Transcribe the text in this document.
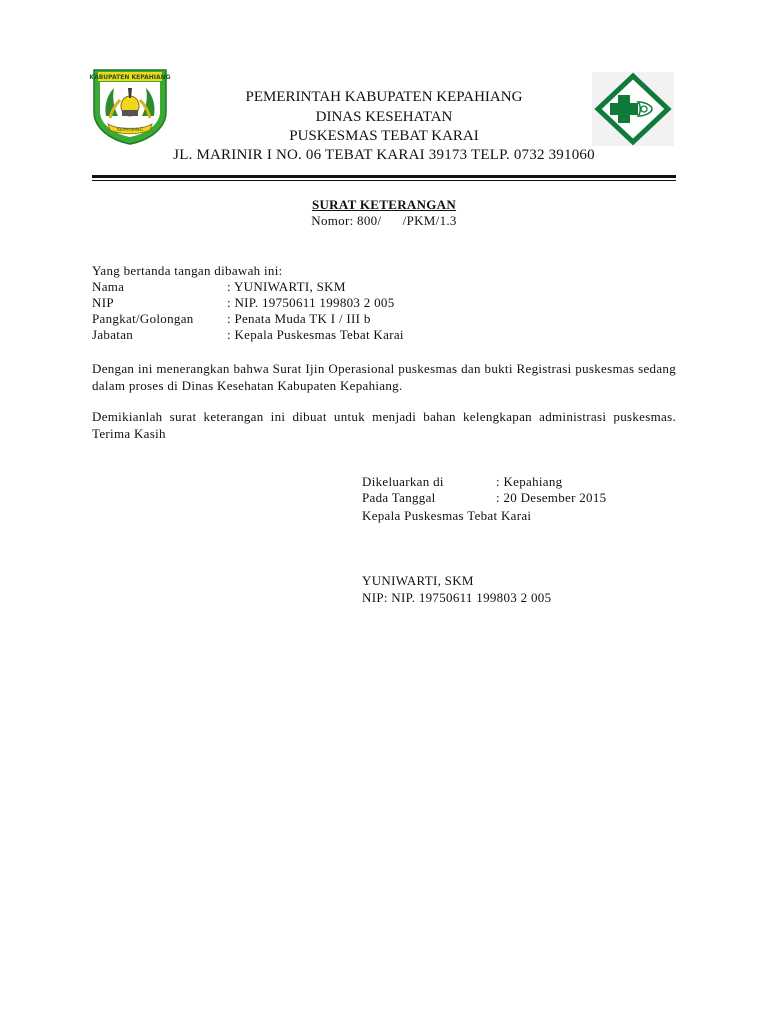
KABUPATEN KEPAHIANG
KEPAHIANG
PEMERINTAH KABUPATEN KEPAHIANG
DINAS KESEHATAN
PUSKESMAS TEBAT KARAI
JL. MARINIR I NO. 06 TEBAT KARAI 39173 TELP. 0732 391060
SURAT KETERANGAN
Nomor: 800/      /PKM/1.3
Yang bertanda tangan dibawah ini:
Nama	: YUNIWARTI, SKM
NIP	: NIP. 19750611 199803 2 005
Pangkat/Golongan	: Penata Muda TK I / III b
Jabatan	: Kepala Puskesmas Tebat Karai
Dengan ini menerangkan bahwa Surat Ijin Operasional puskesmas dan bukti Registrasi puskesmas sedang dalam proses di Dinas Kesehatan Kabupaten Kepahiang.
Demikianlah surat keterangan ini dibuat untuk menjadi bahan kelengkapan administrasi puskesmas. Terima Kasih
Dikeluarkan di	: Kepahiang
Pada Tanggal	: 20 Desember 2015
Kepala Puskesmas Tebat Karai
YUNIWARTI, SKM
NIP: NIP. 19750611 199803 2 005
